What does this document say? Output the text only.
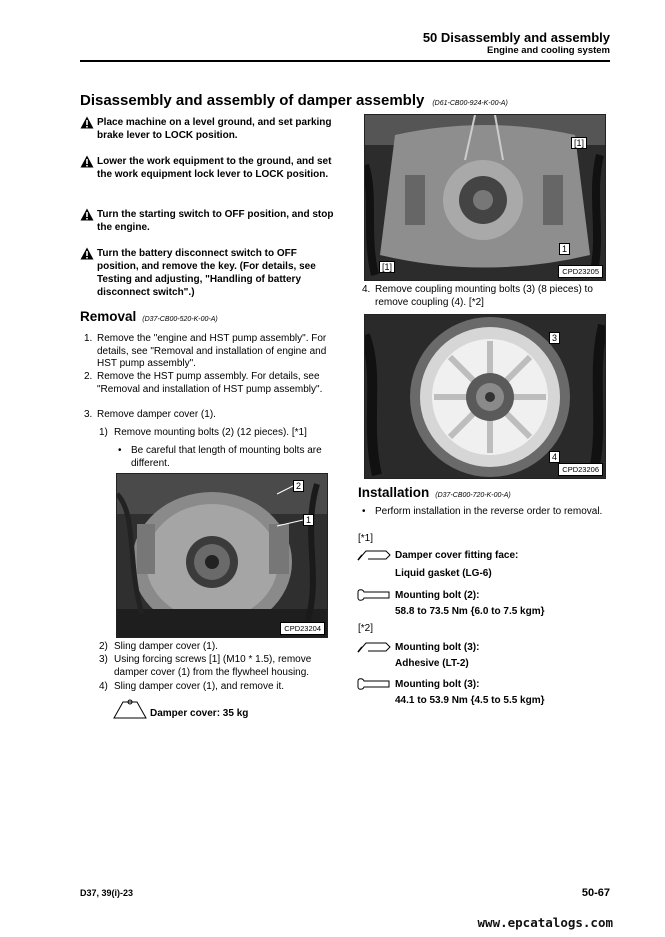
50 Disassembly and assembly
Engine and cooling system
Disassembly and assembly of damper assembly (D61-CB00-924-K-00-A)
Place machine on a level ground, and set parking brake lever to LOCK position.
Lower the work equipment to the ground, and set the work equipment lock lever to LOCK position.
Turn the starting switch to OFF position, and stop the engine.
Turn the battery disconnect switch to OFF position, and remove the key. (For details, see Testing and adjusting, "Handling of battery disconnect switch".)
Removal (D37-CB00-520-K-00-A)
1. Remove the "engine and HST pump assembly". For details, see "Removal and installation of engine and HST pump assembly".
2. Remove the HST pump assembly. For details, see "Removal and installation of HST pump assembly".
3. Remove damper cover (1).
1) Remove mounting bolts (2) (12 pieces). [*1]
• Be careful that length of mounting bolts are different.
2
1
CPD23204
2) Sling damper cover (1).
3) Using forcing screws [1] (M10 * 1.5), remove damper cover (1) from the flywheel housing.
4) Sling damper cover (1), and remove it.
Damper cover: 35 kg
[1]
1
[1]	CPD23205
4. Remove coupling mounting bolts (3) (8 pieces) to remove coupling (4). [*2]
3
4
CPD23206
Installation (D37-CB00-720-K-00-A)
• Perform installation in the reverse order to removal.
[*1]
Damper cover fitting face:
Liquid gasket (LG-6)
Mounting bolt (2):
58.8 to 73.5 Nm {6.0 to 7.5 kgm}
[*2]
Mounting bolt (3):
Adhesive (LT-2)
Mounting bolt (3):
44.1 to 53.9 Nm {4.5 to 5.5 kgm}
D37, 39(i)-23	50-67
www.epcatalogs.com
